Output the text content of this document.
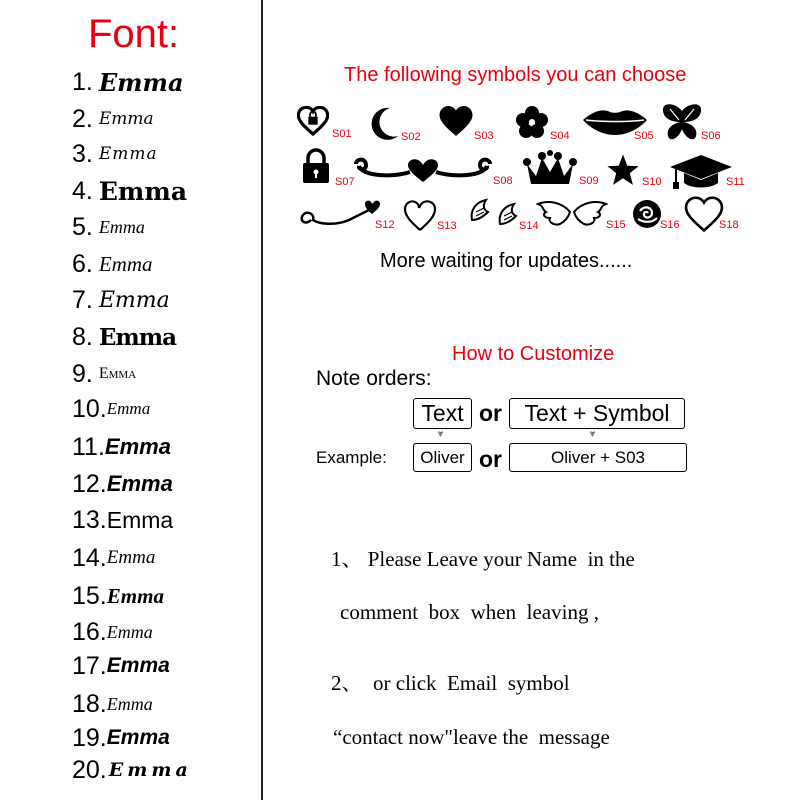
Font:
1. Emma
2. Emma
3. Emma
4. Emma
5. Emma
6. Emma
7. Emma
8. Emma
9. Emma
10. Emma
11. Emma
12. Emma
13. Emma
14. Emma
15. Emma
16. Emma
17. Emma
18. Emma
19. Emma
20. Emma
The following symbols you can choose
S01	S02	S03	S04	S05	S06
S07	S08	S09	S10	S11
S12	S13	S14	S15	S16	S18
More waiting for updates......
How to Customize
Note orders:
Text or Text + Symbol
⩔	⩔
Example:	Oliver or	Oliver + S03
1、 Please Leave your Name  in the
comment  box  when  leaving ,
2、  or click  Email  symbol
“contact now"leave the  message
